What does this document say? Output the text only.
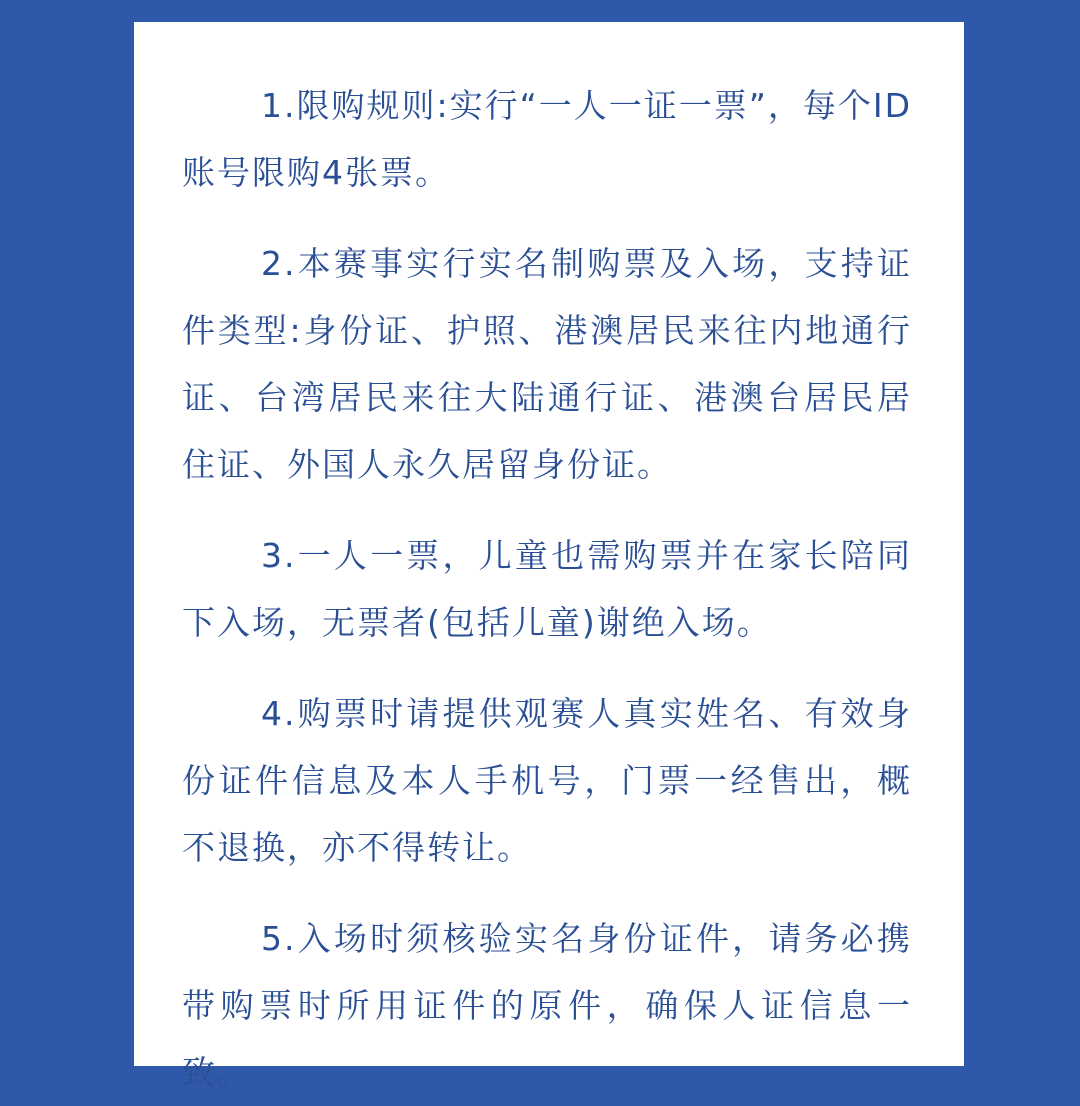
1.限购规则:实行“一人一证一票”，每个ID账号限购4张票。

2.本赛事实行实名制购票及入场，支持证件类型:身份证、护照、港澳居民来往内地通行证、台湾居民来往大陆通行证、港澳台居民居住证、外国人永久居留身份证。

3.一人一票，儿童也需购票并在家长陪同下入场，无票者(包括儿童)谢绝入场。

4.购票时请提供观赛人真实姓名、有效身份证件信息及本人手机号，门票一经售出，概不退换，亦不得转让。

5.入场时须核验实名身份证件，请务必携带购票时所用证件的原件，确保人证信息一致。
